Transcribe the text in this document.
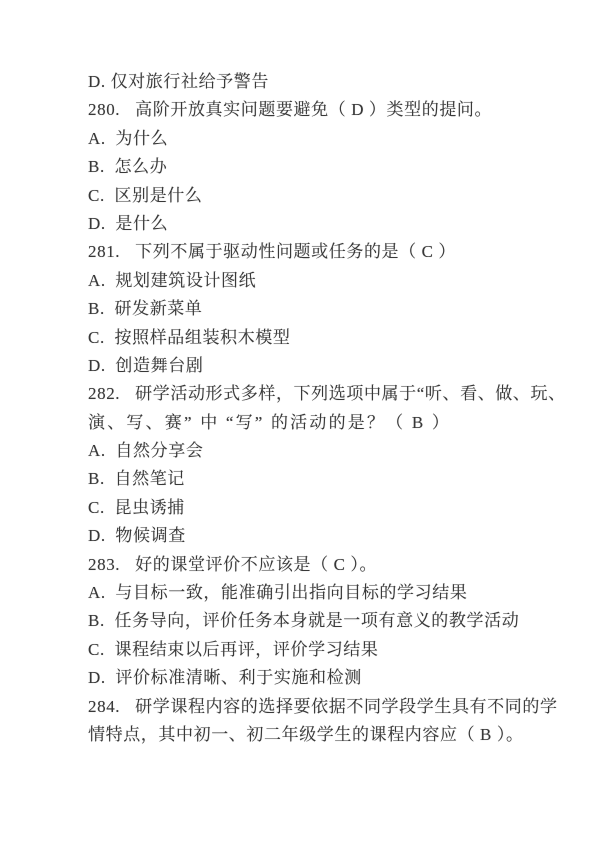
D. 仅对旅行社给予警告
280. 高阶开放真实问题要避免（ D ）类型的提问。
A.  为什么
B.  怎么办
C.  区别是什么
D.  是什么
281. 下列不属于驱动性问题或任务的是（ C ）
A.  规划建筑设计图纸
B.  研发新菜单
C.  按照样品组装积木模型
D.  创造舞台剧
282. 研学活动形式多样，下列选项中属于“听、看、做、玩、
演、写、赛” 中 “写” 的活动的是？（ B ）
A.  自然分享会
B.  自然笔记
C.  昆虫诱捕
D.  物候调查
283. 好的课堂评价不应该是（ C ）。
A.  与目标一致，能准确引出指向目标的学习结果
B.  任务导向，评价任务本身就是一项有意义的教学活动
C.  课程结束以后再评，评价学习结果
D.  评价标准清晰、利于实施和检测
284. 研学课程内容的选择要依据不同学段学生具有不同的学
情特点，其中初一、初二年级学生的课程内容应（ B ）。
